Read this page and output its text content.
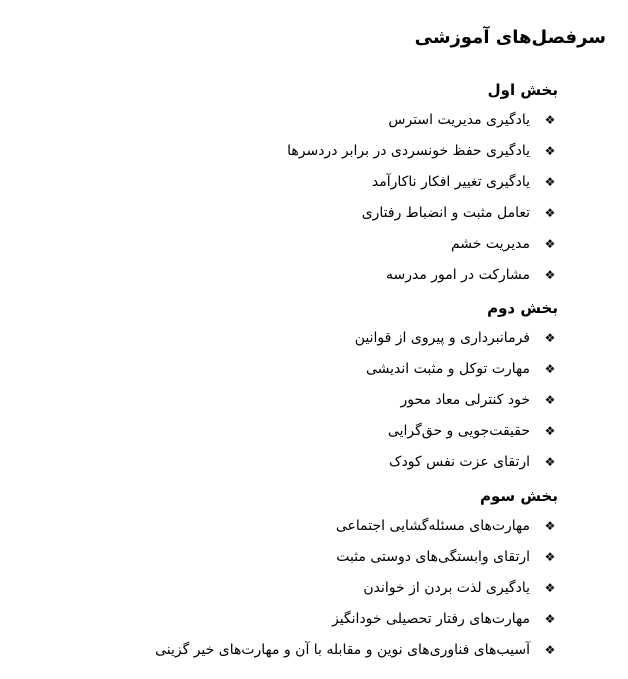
سرفصل‌های آموزشی
بخش اول
❖
یادگیری مدیریت استرس
❖
یادگیری حفظ خونسردی در برابر دردسرها
❖
یادگیری تغییر افکار ناکارآمد
❖
تعامل مثبت و انضباط رفتاری
❖
مدیریت خشم
❖
مشارکت در امور مدرسه
بخش دوم
❖
فرمانبرداری و پیروی از قوانین
❖
مهارت توکل و مثبت اندیشی
❖
خود کنترلی معاد محور
❖
حقیقت‌جویی و حق‌گرایی
❖
ارتقای عزت نفس کودک
بخش سوم
❖
مهارت‌های مسئله‌گشایی اجتماعی
❖
ارتقای وابستگی‌های دوستی مثبت
❖
یادگیری لذت بردن از خواندن
❖
مهارت‌های رفتار تحصیلی خودانگیز
❖
آسیب‌های فناوری‌های نوین و مقابله با آن و مهارت‌های خیر گزینی
